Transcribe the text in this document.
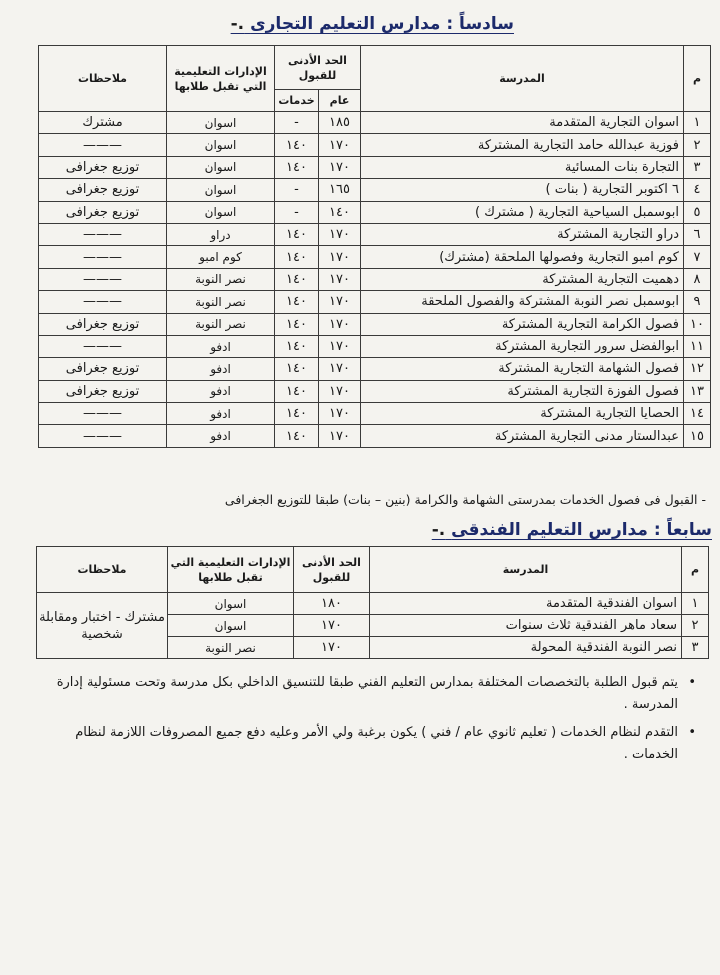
سادساً : مدارس التعليم التجارى .-
م	المدرسة	الحد الأدنى للقبول		الإدارات التعليمية التي تقبل طلابها	ملاحظات
		عام	خدمات		
١	اسوان التجارية المتقدمة	١٨٥	-	اسوان	مشترك
٢	فوزية عبدالله حامد التجارية المشتركة	١٧٠	١٤٠	اسوان	———
٣	التجارة بنات المسائية	١٧٠	١٤٠	اسوان	توزيع جغرافى
٤	٦ اكتوبر التجارية ( بنات )	١٦٥	-	اسوان	توزيع جغرافى
٥	ابوسمبل السياحية التجارية ( مشترك )	١٤٠	-	اسوان	توزيع جغرافى
٦	دراو التجارية المشتركة	١٧٠	١٤٠	دراو	———
٧	كوم امبو التجارية وفصولها الملحقة (مشترك)	١٧٠	١٤٠	كوم امبو	———
٨	دهميت التجارية المشتركة	١٧٠	١٤٠	نصر النوبة	———
٩	ابوسمبل نصر النوبة المشتركة والفصول الملحقة	١٧٠	١٤٠	نصر النوبة	———
١٠	فصول الكرامة التجارية المشتركة	١٧٠	١٤٠	نصر النوبة	توزيع جغرافى
١١	ابوالفضل سرور التجارية المشتركة	١٧٠	١٤٠	ادفو	———
١٢	فصول الشهامة التجارية المشتركة	١٧٠	١٤٠	ادفو	توزيع جغرافى
١٣	فصول الفوزة التجارية المشتركة	١٧٠	١٤٠	ادفو	توزيع جغرافى
١٤	الحصايا التجارية المشتركة	١٧٠	١٤٠	ادفو	———
١٥	عبدالستار مدنى التجارية المشتركة	١٧٠	١٤٠	ادفو	———
- القبول فى فصول الخدمات بمدرستى الشهامة والكرامة (بنين – بنات) طبقا للتوزيع الجغرافى
سابعاً : مدارس التعليم الفندقى .-
م	المدرسة	الحد الأدنى للقبول	الإدارات التعليمية التي تقبل طلابها	ملاحظات
١	اسوان الفندقية المتقدمة	١٨٠	اسوان	مشترك - اختبار ومقابلة شخصية
٢	سعاد ماهر الفندقية ثلاث سنوات	١٧٠	اسوان	
٣	نصر النوبة الفندقية المحولة	١٧٠	نصر النوبة	
•
يتم قبول الطلبة بالتخصصات المختلفة بمدارس التعليم الفني طبقا للتنسيق الداخلي بكل مدرسة وتحت مسئولية إدارة المدرسة .
•
التقدم لنظام الخدمات ( تعليم ثانوي عام / فني ) يكون برغبة ولي الأمر وعليه دفع جميع المصروفات اللازمة لنظام الخدمات .
